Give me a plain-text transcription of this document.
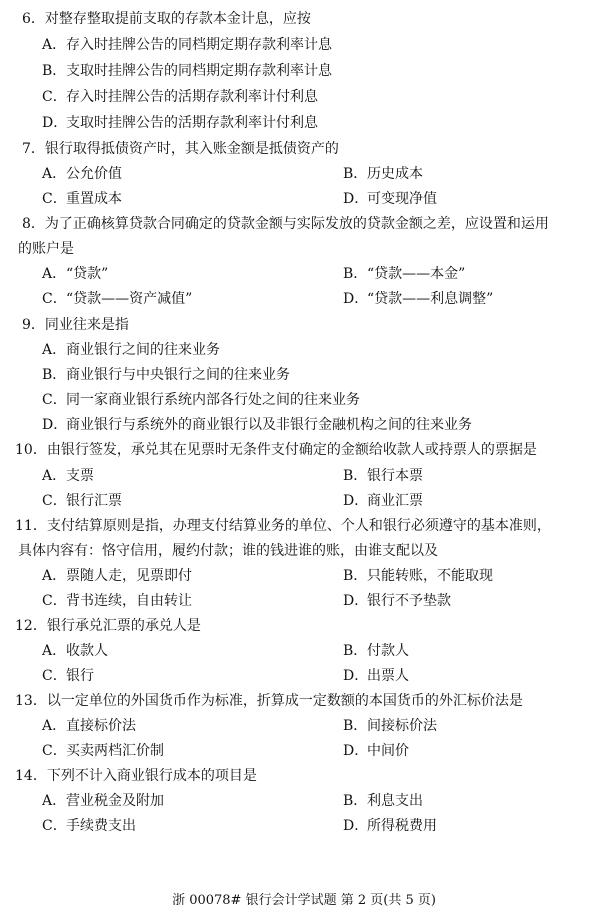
6．对整存整取提前支取的存款本金计息，应按
A．存入时挂牌公告的同档期定期存款利率计息
B．支取时挂牌公告的同档期定期存款利率计息
C．存入时挂牌公告的活期存款利率计付利息
D．支取时挂牌公告的活期存款利率计付利息
7．银行取得抵债资产时，其入账金额是抵债资产的
A．公允价值	B．历史成本
C．重置成本	D．可变现净值
8．为了正确核算贷款合同确定的贷款金额与实际发放的贷款金额之差，应设置和运用
的账户是
A．“贷款”	B．“贷款——本金”
C．“贷款——资产减值”	D．“贷款——利息调整”
9．同业往来是指
A．商业银行之间的往来业务
B．商业银行与中央银行之间的往来业务
C．同一家商业银行系统内部各行处之间的往来业务
D．商业银行与系统外的商业银行以及非银行金融机构之间的往来业务
10．由银行签发，承兑其在见票时无条件支付确定的金额给收款人或持票人的票据是
A．支票	B．银行本票
C．银行汇票	D．商业汇票
11．支付结算原则是指，办理支付结算业务的单位、个人和银行必须遵守的基本准则，
具体内容有：恪守信用，履约付款；谁的钱进谁的账，由谁支配以及
A．票随人走，见票即付	B．只能转账，不能取现
C．背书连续，自由转让	D．银行不予垫款
12．银行承兑汇票的承兑人是
A．收款人	B．付款人
C．银行	D．出票人
13．以一定单位的外国货币作为标准，折算成一定数额的本国货币的外汇标价法是
A．直接标价法	B．间接标价法
C．买卖两档汇价制	D．中间价
14．下列不计入商业银行成本的项目是
A．营业税金及附加	B．利息支出
C．手续费支出	D．所得税费用
浙 00078# 银行会计学试题 第 2 页(共 5 页)
